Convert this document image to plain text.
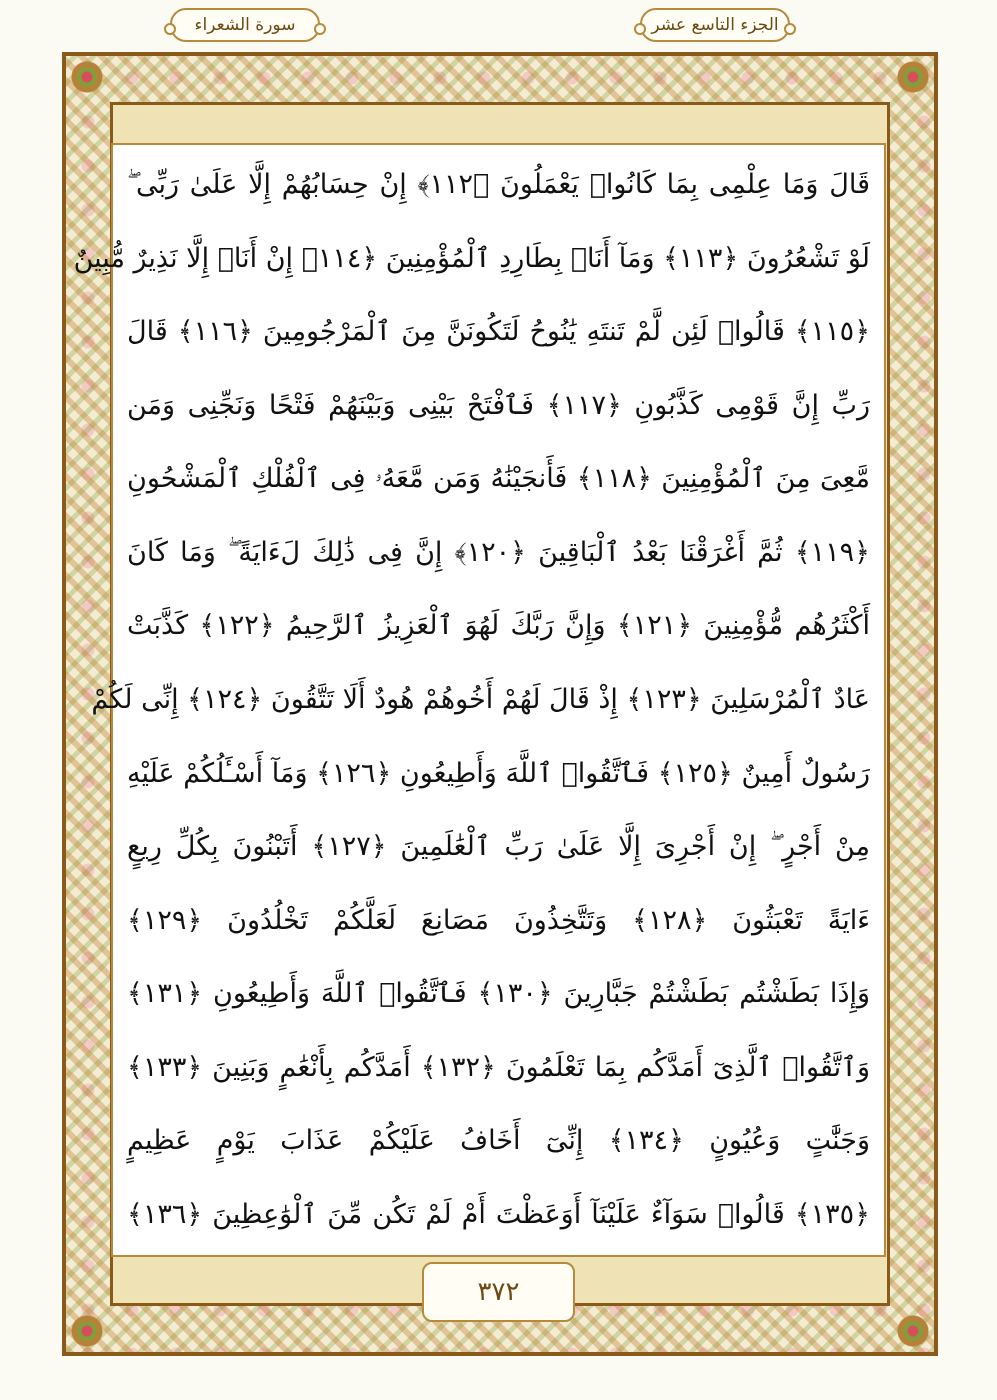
سورة الشعراء	الجزء التاسع عشر
قَالَ وَمَا عِلْمِى بِمَا كَانُوا۟ يَعْمَلُونَ ﴿١١٢﴾ إِنْ حِسَابُهُمْ إِلَّا عَلَىٰ رَبِّى ۖ
لَوْ تَشْعُرُونَ ﴿١١٣﴾ وَمَآ أَنَا۠ بِطَارِدِ ٱلْمُؤْمِنِينَ ﴿١١٤﴾ إِنْ أَنَا۠ إِلَّا نَذِيرٌ مُّبِينٌ
﴿١١٥﴾ قَالُوا۟ لَئِن لَّمْ تَنتَهِ يَٰنُوحُ لَتَكُونَنَّ مِنَ ٱلْمَرْجُومِينَ ﴿١١٦﴾ قَالَ
رَبِّ إِنَّ قَوْمِى كَذَّبُونِ ﴿١١٧﴾ فَٱفْتَحْ بَيْنِى وَبَيْنَهُمْ فَتْحًا وَنَجِّنِى وَمَن
مَّعِىَ مِنَ ٱلْمُؤْمِنِينَ ﴿١١٨﴾ فَأَنجَيْنَٰهُ وَمَن مَّعَهُۥ فِى ٱلْفُلْكِ ٱلْمَشْحُونِ
﴿١١٩﴾ ثُمَّ أَغْرَقْنَا بَعْدُ ٱلْبَاقِينَ ﴿١٢٠﴾ إِنَّ فِى ذَٰلِكَ لَءَايَةً ۖ وَمَا كَانَ
أَكْثَرُهُم مُّؤْمِنِينَ ﴿١٢١﴾ وَإِنَّ رَبَّكَ لَهُوَ ٱلْعَزِيزُ ٱلرَّحِيمُ ﴿١٢٢﴾ كَذَّبَتْ
عَادٌ ٱلْمُرْسَلِينَ ﴿١٢٣﴾ إِذْ قَالَ لَهُمْ أَخُوهُمْ هُودٌ أَلَا تَتَّقُونَ ﴿١٢٤﴾ إِنِّى لَكُمْ
رَسُولٌ أَمِينٌ ﴿١٢٥﴾ فَٱتَّقُوا۟ ٱللَّهَ وَأَطِيعُونِ ﴿١٢٦﴾ وَمَآ أَسْـَٔلُكُمْ عَلَيْهِ
مِنْ أَجْرٍ ۖ إِنْ أَجْرِىَ إِلَّا عَلَىٰ رَبِّ ٱلْعَٰلَمِينَ ﴿١٢٧﴾ أَتَبْنُونَ بِكُلِّ رِيعٍ
ءَايَةً تَعْبَثُونَ ﴿١٢٨﴾ وَتَتَّخِذُونَ مَصَانِعَ لَعَلَّكُمْ تَخْلُدُونَ ﴿١٢٩﴾
وَإِذَا بَطَشْتُم بَطَشْتُمْ جَبَّارِينَ ﴿١٣٠﴾ فَٱتَّقُوا۟ ٱللَّهَ وَأَطِيعُونِ ﴿١٣١﴾
وَٱتَّقُوا۟ ٱلَّذِىٓ أَمَدَّكُم بِمَا تَعْلَمُونَ ﴿١٣٢﴾ أَمَدَّكُم بِأَنْعَٰمٍ وَبَنِينَ ﴿١٣٣﴾
وَجَنَّٰتٍ وَعُيُونٍ ﴿١٣٤﴾ إِنِّىٓ أَخَافُ عَلَيْكُمْ عَذَابَ يَوْمٍ عَظِيمٍ
﴿١٣٥﴾ قَالُوا۟ سَوَآءٌ عَلَيْنَآ أَوَعَظْتَ أَمْ لَمْ تَكُن مِّنَ ٱلْوَٰعِظِينَ ﴿١٣٦﴾
٣٧٢
